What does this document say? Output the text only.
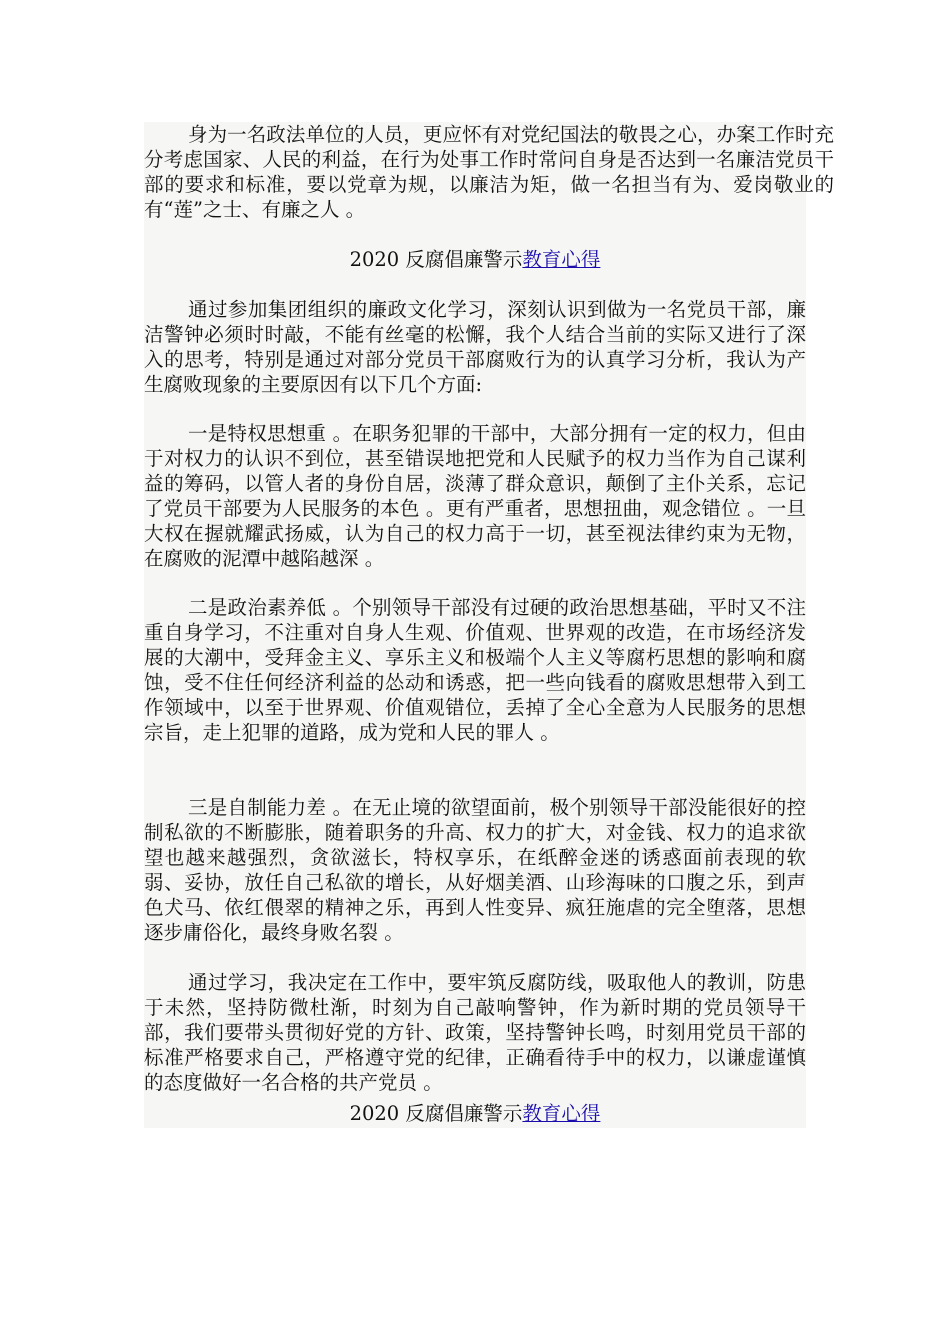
身为一名政法单位的人员，更应怀有对党纪国法的敬畏之心，办案工作时充分考虑国家、人民的利益，在行为处事工作时常问自身是否达到一名廉洁党员干部的要求和标准，要以党章为规，以廉洁为矩，做一名担当有为、爱岗敬业的有“莲”之士、有廉之人 。

2020 反腐倡廉警示教育心得

通过参加集团组织的廉政文化学习，深刻认识到做为一名党员干部，廉洁警钟必须时时敲，不能有丝毫的松懈，我个人结合当前的实际又进行了深入的思考，特别是通过对部分党员干部腐败行为的认真学习分析，我认为产生腐败现象的主要原因有以下几个方面:

一是特权思想重 。在职务犯罪的干部中，大部分拥有一定的权力，但由于对权力的认识不到位，甚至错误地把党和人民赋予的权力当作为自己谋利益的筹码，以管人者的身份自居，淡薄了群众意识，颠倒了主仆关系，忘记了党员干部要为人民服务的本色 。更有严重者，思想扭曲，观念错位 。一旦大权在握就耀武扬威，认为自己的权力高于一切，甚至视法律约束为无物，在腐败的泥潭中越陷越深 。

二是政治素养低 。个别领导干部没有过硬的政治思想基础，平时又不注重自身学习，不注重对自身人生观、价值观、世界观的改造，在市场经济发展的大潮中，受拜金主义、享乐主义和极端个人主义等腐朽思想的影响和腐蚀，受不住任何经济利益的怂动和诱惑，把一些向钱看的腐败思想带入到工作领域中，以至于世界观、价值观错位，丢掉了全心全意为人民服务的思想宗旨，走上犯罪的道路，成为党和人民的罪人 。

三是自制能力差 。在无止境的欲望面前，极个别领导干部没能很好的控制私欲的不断膨胀，随着职务的升高、权力的扩大，对金钱、权力的追求欲望也越来越强烈，贪欲滋长，特权享乐，在纸醉金迷的诱惑面前表现的软弱、妥协，放任自己私欲的增长，从好烟美酒、山珍海味的口腹之乐，到声色犬马、依红偎翠的精神之乐，再到人性变异、疯狂施虐的完全堕落，思想逐步庸俗化，最终身败名裂 。

通过学习，我决定在工作中，要牢筑反腐防线，吸取他人的教训，防患于未然，坚持防微杜渐，时刻为自己敲响警钟，作为新时期的党员领导干部，我们要带头贯彻好党的方针、政策，坚持警钟长鸣，时刻用党员干部的标准严格要求自己，严格遵守党的纪律，正确看待手中的权力，以谦虚谨慎的态度做好一名合格的共产党员 。

2020 反腐倡廉警示教育心得
